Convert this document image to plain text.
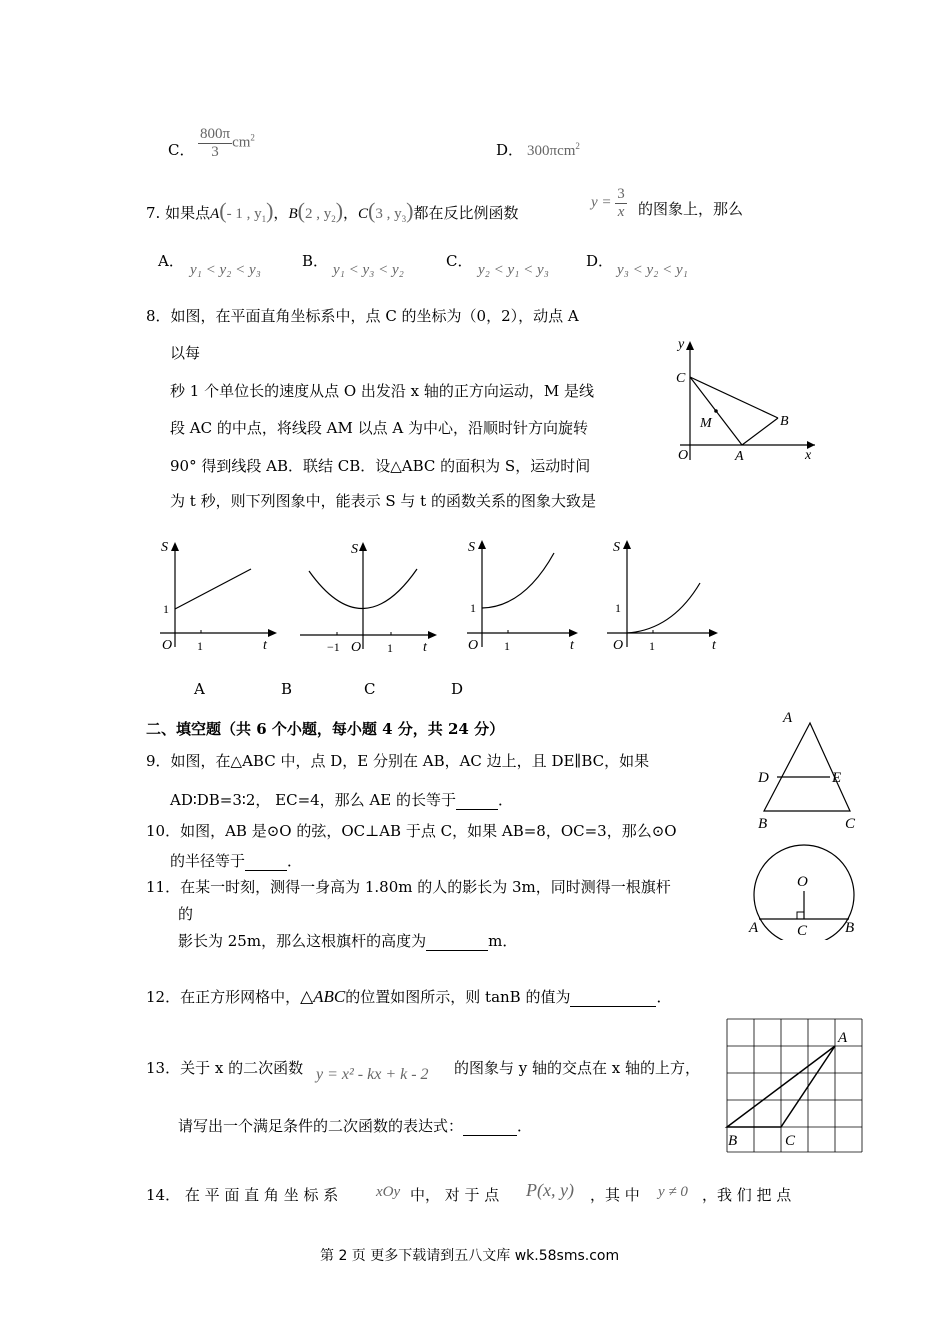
C． $\frac{800\pi}{3} cm^2$
D． 300πcm$^2$
7. 如果点A(- 1 , $y_1$)，B(2 , $y_2$)，C(3 , $y_3$)都在反比例函数
$y = \frac{3}{x}$ 的图象上，那么
A． y₁ < y₂ < y₃	B． y₁ < y₃ < y₂	C． y₂ < y₁ < y₃ D． y₃ < y₂ < y₁
8．如图，在平面直角坐标系中，点 C 的坐标为（0，2），动点 A
以每
秒 1 个单位长的速度从点 O 出发沿 x 轴的正方向运动，M 是线
段 AC 的中点，将线段 AM 以点 A 为中心，沿顺时针方向旋转
90° 得到线段 AB．联结 CB．设△ABC 的面积为 S，运动时间
为 t 秒，则下列图象中，能表示 S 与 t 的函数关系的图象大致是
y
C
M	B
O	A	x
S
1
O 1	t
S
−1 O 1 t
S
1
O 1	t
S
1
O 1	t
A	B	C	D
二、填空题（共 6 个小题，每小题 4 分，共 24 分）
9．如图，在△ABC 中，点 D，E 分别在 AB，AC 边上，且 DE∥BC，如果
AD∶DB=3∶2， EC=4，那么 AE 的长等于	．
A
D	E
B	C
10．如图，AB 是⊙O 的弦，OC⊥AB 于点 C，如果 AB=8，OC=3，那么⊙O
的半径等于	．
O
A	C	B
11．在某一时刻，测得一身高为 1.80m 的人的影长为 3m，同时测得一根旗杆
的
影长为 25m，那么这根旗杆的高度为	m．
12．在正方形网格中，△ABC的位置如图所示，则 tanB 的值为	．
A
B	C
13．关于 x 的二次函数 y = x² - kx + k - 2 的图象与 y 轴的交点在 x 轴的上方，
请写出一个满足条件的二次函数的表达式：	．
14． 在 平 面 直 角 坐 标 系	xOy 中， 对 于 点 P(x, y) ，其 中 y ≠ 0 ，我 们 把 点
第 2 页 更多下载请到五八文库 wk.58sms.com
